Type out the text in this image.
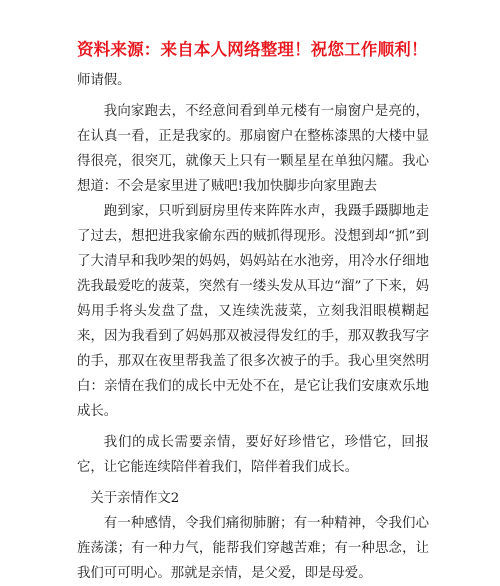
资料来源：来自本人网络整理！祝您工作顺利！

师请假。

我向家跑去，不经意间看到单元楼有一扇窗户是亮的，在认真一看，正是我家的。那扇窗户在整栋漆黑的大楼中显得很亮，很突兀，就像天上只有一颗星星在单独闪耀。我心想道：不会是家里进了贼吧!我加快脚步向家里跑去

跑到家，只听到厨房里传来阵阵水声，我蹑手蹑脚地走了过去，想把进我家偷东西的贼抓得现形。没想到却“抓”到了大清早和我吵架的妈妈，妈妈站在水池旁，用冷水仔细地洗我最爱吃的菠菜，突然有一缕头发从耳边“溜”了下来，妈妈用手将头发盘了盘，又连续洗菠菜，立刻我泪眼模糊起来，因为我看到了妈妈那双被浸得发红的手，那双教我写字的手，那双在夜里帮我盖了很多次被子的手。我心里突然明白：亲情在我们的成长中无处不在，是它让我们安康欢乐地成长。

我们的成长需要亲情，要好好珍惜它，珍惜它，回报它，让它能连续陪伴着我们，陪伴着我们成长。

关于亲情作文2

有一种感情，令我们痛彻肺腑；有一种精神，令我们心旌荡漾；有一种力气，能帮我们穿越苦难；有一种思念，让我们可可明心。那就是亲情，是父爱，即是母爱。
